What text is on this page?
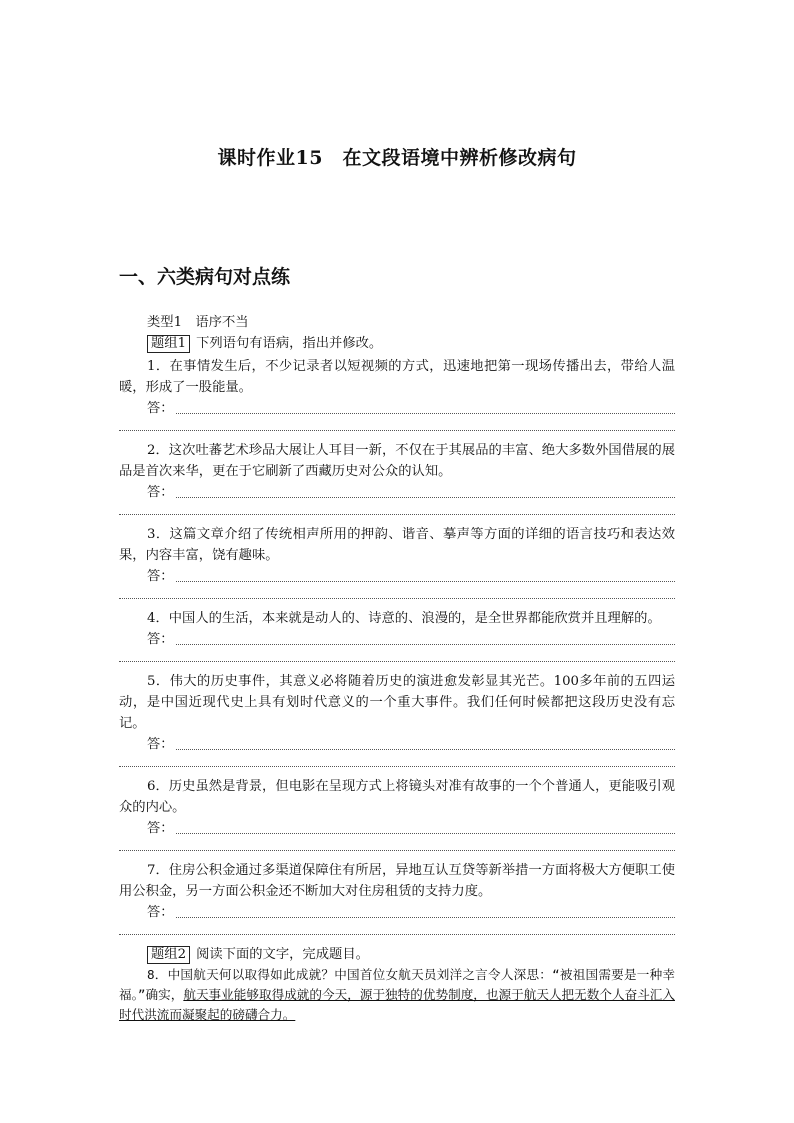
课时作业15　在文段语境中辨析修改病句
一、六类病句对点练
类型1　语序不当
题组1 下列语句有语病，指出并修改。
1．在事情发生后，不少记录者以短视频的方式，迅速地把第一现场传播出去，带给人温暖，形成了一股能量。
答：
2．这次吐蕃艺术珍品大展让人耳目一新，不仅在于其展品的丰富、绝大多数外国借展的展品是首次来华，更在于它刷新了西藏历史对公众的认知。
答：
3．这篇文章介绍了传统相声所用的押韵、谐音、摹声等方面的详细的语言技巧和表达效果，内容丰富，饶有趣味。
答：
4．中国人的生活，本来就是动人的、诗意的、浪漫的，是全世界都能欣赏并且理解的。
答：
5．伟大的历史事件，其意义必将随着历史的演进愈发彰显其光芒。100多年前的五四运动，是中国近现代史上具有划时代意义的一个重大事件。我们任何时候都把这段历史没有忘记。
答：
6．历史虽然是背景，但电影在呈现方式上将镜头对准有故事的一个个普通人，更能吸引观众的内心。
答：
7．住房公积金通过多渠道保障住有所居，异地互认互贷等新举措一方面将极大方便职工使用公积金，另一方面公积金还不断加大对住房租赁的支持力度。
答：
题组2 阅读下面的文字，完成题目。
8．中国航天何以取得如此成就？中国首位女航天员刘洋之言令人深思：“被祖国需要是一种幸福。”确实，航天事业能够取得成就的今天，源于独特的优势制度，也源于航天人把无数个人奋斗汇入时代洪流而凝聚起的磅礴合力。
